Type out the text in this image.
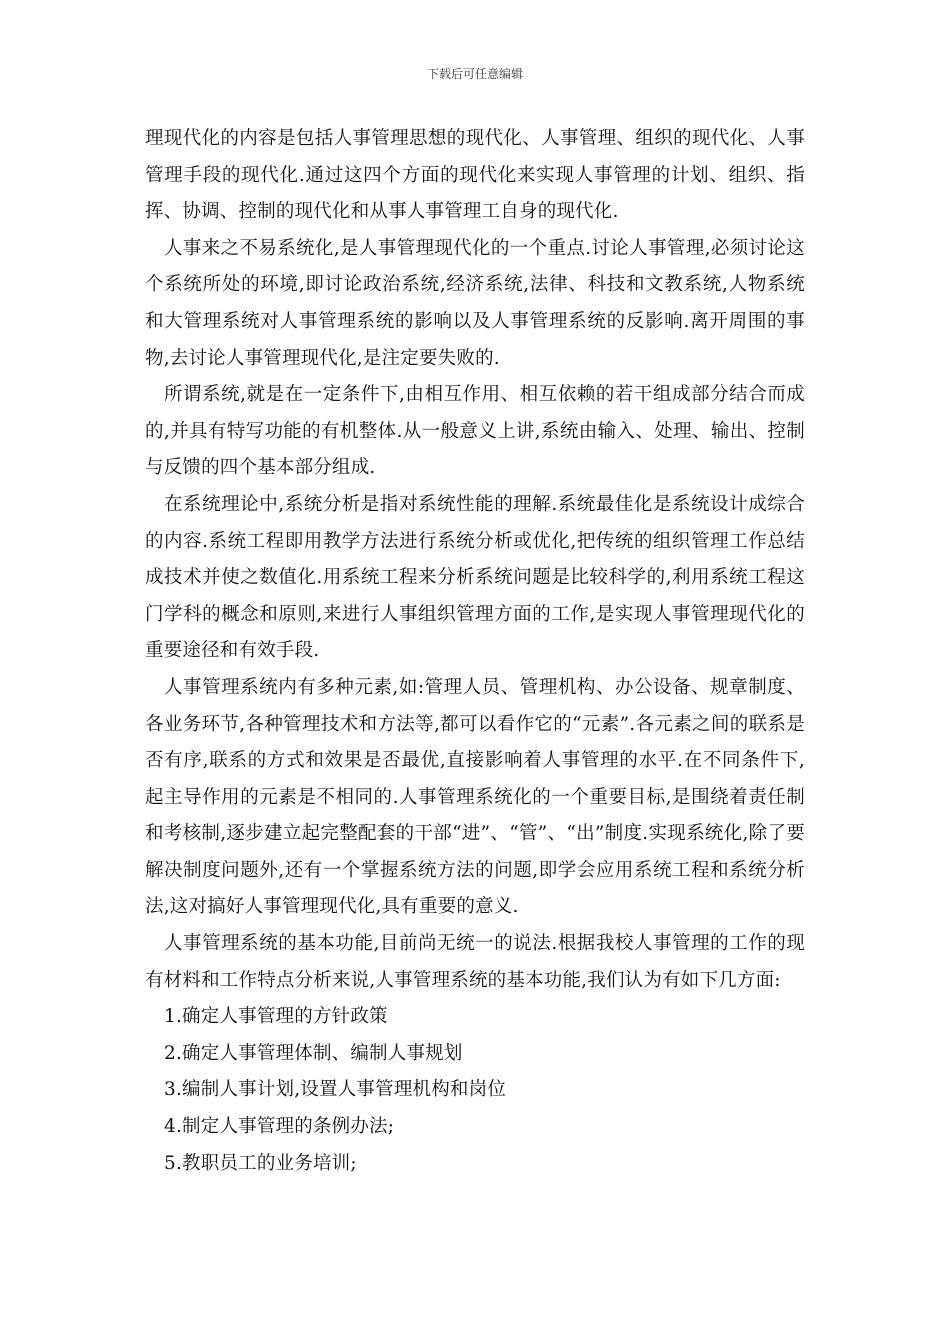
下载后可任意编辑

理现代化的内容是包括人事管理思想的现代化、人事管理、组织的现代化、人事管理手段的现代化.通过这四个方面的现代化来实现人事管理的计划、组织、指挥、协调、控制的现代化和从事人事管理工自身的现代化.

人事来之不易系统化,是人事管理现代化的一个重点.讨论人事管理,必须讨论这个系统所处的环境,即讨论政治系统,经济系统,法律、科技和文教系统,人物系统和大管理系统对人事管理系统的影响以及人事管理系统的反影响.离开周围的事物,去讨论人事管理现代化,是注定要失败的.

所谓系统,就是在一定条件下,由相互作用、相互依赖的若干组成部分结合而成的,并具有特写功能的有机整体.从一般意义上讲,系统由输入、处理、输出、控制与反馈的四个基本部分组成.

在系统理论中,系统分析是指对系统性能的理解.系统最佳化是系统设计成综合的内容.系统工程即用教学方法进行系统分析或优化,把传统的组织管理工作总结成技术并使之数值化.用系统工程来分析系统问题是比较科学的,利用系统工程这门学科的概念和原则,来进行人事组织管理方面的工作,是实现人事管理现代化的重要途径和有效手段.

人事管理系统内有多种元素,如:管理人员、管理机构、办公设备、规章制度、各业务环节,各种管理技术和方法等,都可以看作它的“元素”.各元素之间的联系是否有序,联系的方式和效果是否最优,直接影响着人事管理的水平.在不同条件下,起主导作用的元素是不相同的.人事管理系统化的一个重要目标,是围绕着责任制和考核制,逐步建立起完整配套的干部“进”、“管”、“出”制度.实现系统化,除了要解决制度问题外,还有一个掌握系统方法的问题,即学会应用系统工程和系统分析法,这对搞好人事管理现代化,具有重要的意义.

人事管理系统的基本功能,目前尚无统一的说法.根据我校人事管理的工作的现有材料和工作特点分析来说,人事管理系统的基本功能,我们认为有如下几方面:

1.确定人事管理的方针政策
2.确定人事管理体制、编制人事规划
3.编制人事计划,设置人事管理机构和岗位
4.制定人事管理的条例办法;
5.教职员工的业务培训;
